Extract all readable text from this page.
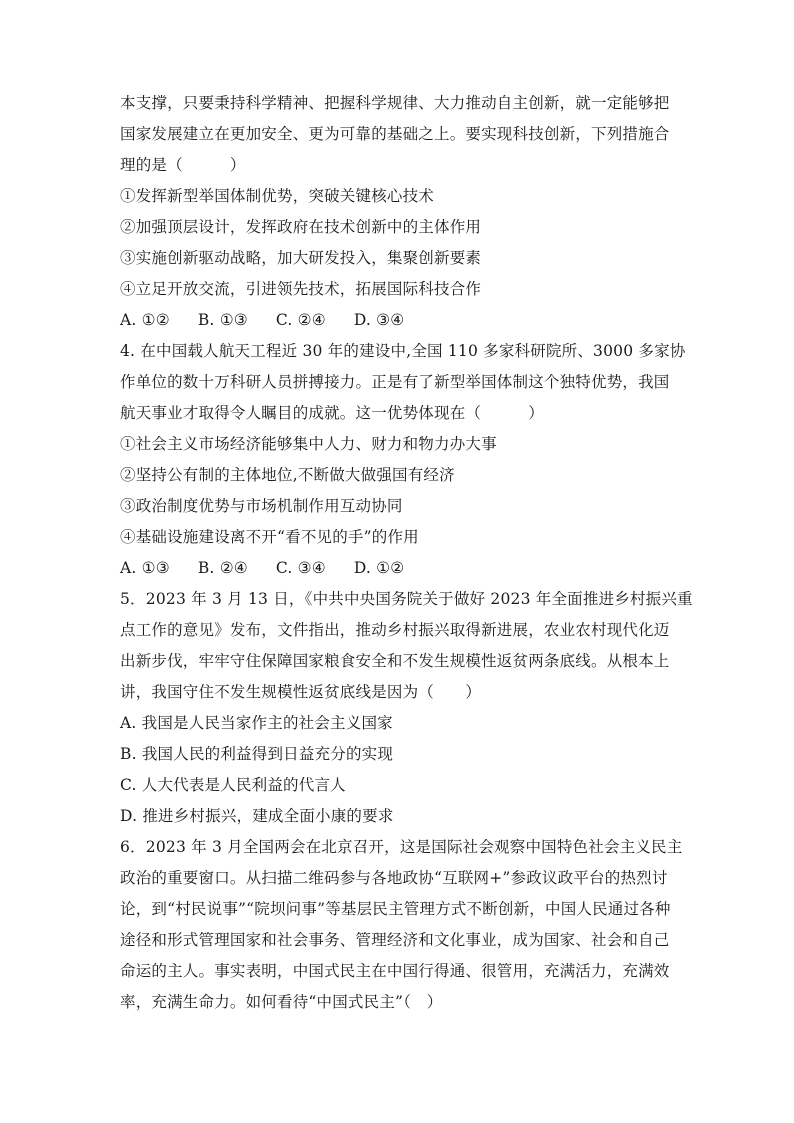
本支撑，只要秉持科学精神、把握科学规律、大力推动自主创新，就一定能够把
国家发展建立在更加安全、更为可靠的基础之上。要实现科技创新，下列措施合
理的是（　　　）
①发挥新型举国体制优势，突破关键核心技术
②加强顶层设计，发挥政府在技术创新中的主体作用
③实施创新驱动战略，加大研发投入，集聚创新要素
④立足开放交流，引进领先技术，拓展国际科技合作
A. ①② B. ①③ C. ②④ D. ③④
4. 在中国载人航天工程近 30 年的建设中,全国 110 多家科研院所、3000 多家协
作单位的数十万科研人员拼搏接力。正是有了新型举国体制这个独特优势，我国
航天事业才取得令人瞩目的成就。这一优势体现在（　　　）
①社会主义市场经济能够集中人力、财力和物力办大事
②坚持公有制的主体地位,不断做大做强国有经济
③政治制度优势与市场机制作用互动协同
④基础设施建设离不开“看不见的手”的作用
A. ①③ B. ②④ C. ③④ D. ①②
5．2023 年 3 月 13 日，《中共中央国务院关于做好 2023 年全面推进乡村振兴重
点工作的意见》发布，文件指出，推动乡村振兴取得新进展，农业农村现代化迈
出新步伐，牢牢守住保障国家粮食安全和不发生规模性返贫两条底线。从根本上
讲，我国守住不发生规模性返贫底线是因为（　　）
A. 我国是人民当家作主的社会主义国家
B. 我国人民的利益得到日益充分的实现
C. 人大代表是人民利益的代言人
D. 推进乡村振兴，建成全面小康的要求
6．2023 年 3 月全国两会在北京召开，这是国际社会观察中国特色社会主义民主
政治的重要窗口。从扫描二维码参与各地政协“互联网+”参政议政平台的热烈讨
论，到“村民说事”“院坝问事”等基层民主管理方式不断创新，中国人民通过各种
途径和形式管理国家和社会事务、管理经济和文化事业，成为国家、社会和自己
命运的主人。事实表明，中国式民主在中国行得通、很管用，充满活力，充满效
率，充满生命力。如何看待“中国式民主”（　）
